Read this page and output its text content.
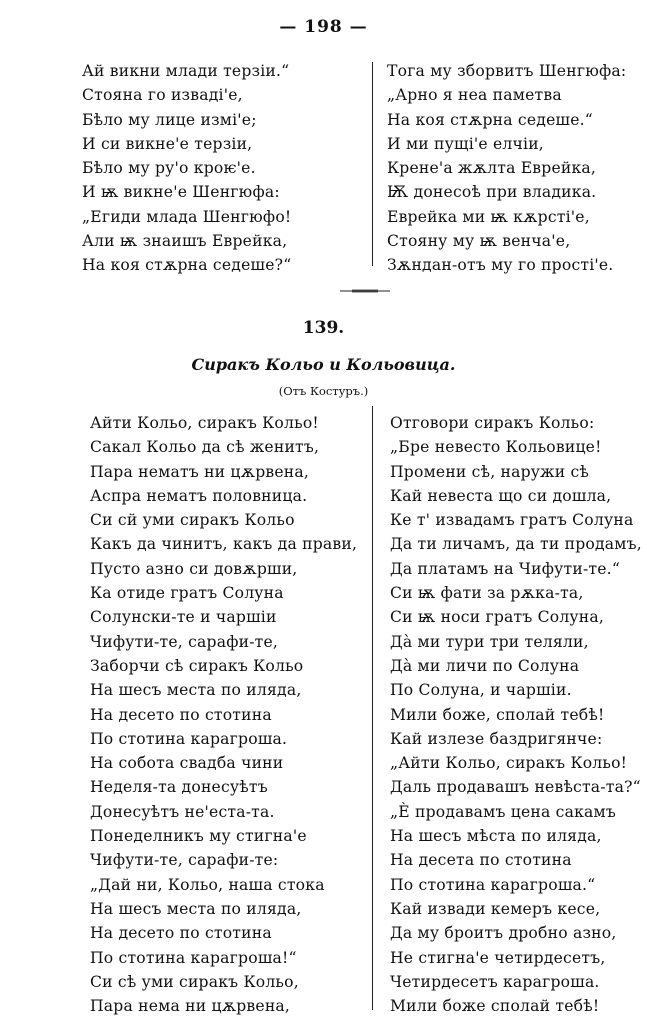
— 198 —
Ай викни млади терзіи.“
Стояна го изваді'е,
Бѣло му лице измі'е;
И си викне'е терзіи,
Бѣло му ру'о кроѥ'е.
И ѭ викне'е Шенгюфа:
„Егиди млада Шенгюфо!
Али ѭ знаишъ Еврейка,
На коя стѫрна седеше?“
Тога му зборвитъ Шенгюфа:
„Арно я неа паметва
На коя стѫрна седеше.“
И ми пущі'е елчіи,
Крене'а жѫлта Еврейка,
Ѭ донесоѣ при владика.
Еврейка ми ѭ кѫрсті'е,
Стояну му ѭ венча'е,
Зѫндан-отъ му го прості'е.
139.
Сиракъ Кольо и Кольовица.
(Отъ Костуръ.)
Айти Кольо, сиракъ Кольо!
Сакал Кольо да сѣ женитъ,
Пара нематъ ни цѫрвена,
Аспра нематъ половница.
Си сй уми сиракъ Кольо
Какъ да чинитъ, какъ да прави,
Пусто азно си довѫрши,
Ка отиде гратъ Солуна
Солунски-те и чаршіи
Чифути-те, сарафи-те,
Заборчи сѣ сиракъ Кольо
На шесъ места по иляда,
На десето по стотина
По стотина карагроша.
На собота свадба чини
Неделя-та донесуѣтъ
Донесуѣтъ не'еста-та.
Понеделникъ му стигна'е
Чифути-те, сарафи-те:
„Дай ни, Кольо, наша стока
На шесъ места по иляда,
На десето по стотина
По стотина карагроша!“
Си сѣ уми сиракъ Кольо,
Пара нема ни цѫрвена,
Отговори сиракъ Кольо:
„Бре невесто Кольовице!
Промени сѣ, наружи сѣ
Кай невеста що си дошла,
Ке т' извадамъ гратъ Солуна
Да ти личамъ, да ти продамъ,
Да платамъ на Чифути-те.“
Си ѭ фати за рѫка-та,
Си ѭ носи гратъ Солуна,
Дà ми тури три теляли,
Дà ми личи по Солуна
По Солуна, и чаршіи.
Мили боже, сполай тебѣ!
Кай излезе баздригянче:
„Айти Кольо, сиракъ Кольо!
Даль продавашъ невѣста-та?“
„Ѐ продавамъ цена сакамъ
На шесъ мѣста по иляда,
На десета по стотина
По стотина карагроша.“
Кай извади кемеръ кесе,
Да му броитъ дробно азно,
Не стигна'е четирдесетъ,
Четирдесетъ карагроша.
Мили боже сполай тебѣ!
